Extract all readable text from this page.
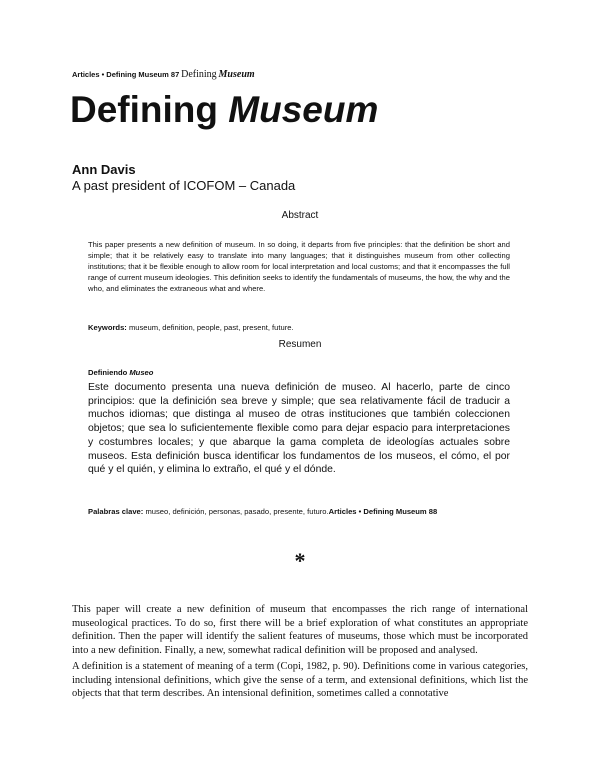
Articles • Defining Museum 87 Defining Museum
Defining Museum
Ann Davis
A past president of ICOFOM – Canada
Abstract

This paper presents a new definition of museum. In so doing, it departs from five principles: that the definition be short and simple; that it be relatively easy to translate into many languages; that it distinguishes museum from other collecting institutions; that it be flexible enough to allow room for local interpretation and local customs; and that it encompasses the full range of current museum ideologies. This definition seeks to identify the fundamentals of museums, the how, the why and the who, and eliminates the extraneous what and where.

Keywords: museum, definition, people, past, present, future.

Resumen

Definiendo Museo

Este documento presenta una nueva definición de museo. Al hacerlo, parte de cinco principios: que la definición sea breve y simple; que sea relativamente fácil de traducir a muchos idiomas; que distinga al museo de otras instituciones que también coleccionen objetos; que sea lo suficientemente flexible como para dejar espacio para interpretaciones y costumbres locales; y que abarque la gama completa de ideologías actuales sobre museos. Esta definición busca identificar los fundamentos de los museos, el cómo, el por qué y el quién, y elimina lo extraño, el qué y el dónde.

Palabras clave: museo, definición, personas, pasado, presente, futuro.Articles • Defining Museum 88

*

This paper will create a new definition of museum that encompasses the rich range of international museological practices. To do so, first there will be a brief exploration of what constitutes an appropriate definition. Then the paper will identify the salient features of museums, those which must be incorporated into a new definition. Finally, a new, somewhat radical definition will be proposed and analysed.

A definition is a statement of meaning of a term (Copi, 1982, p. 90). Definitions come in various categories, including intensional definitions, which give the sense of a term, and extensional definitions, which list the objects that that term describes. An intensional definition, sometimes called a connotative
